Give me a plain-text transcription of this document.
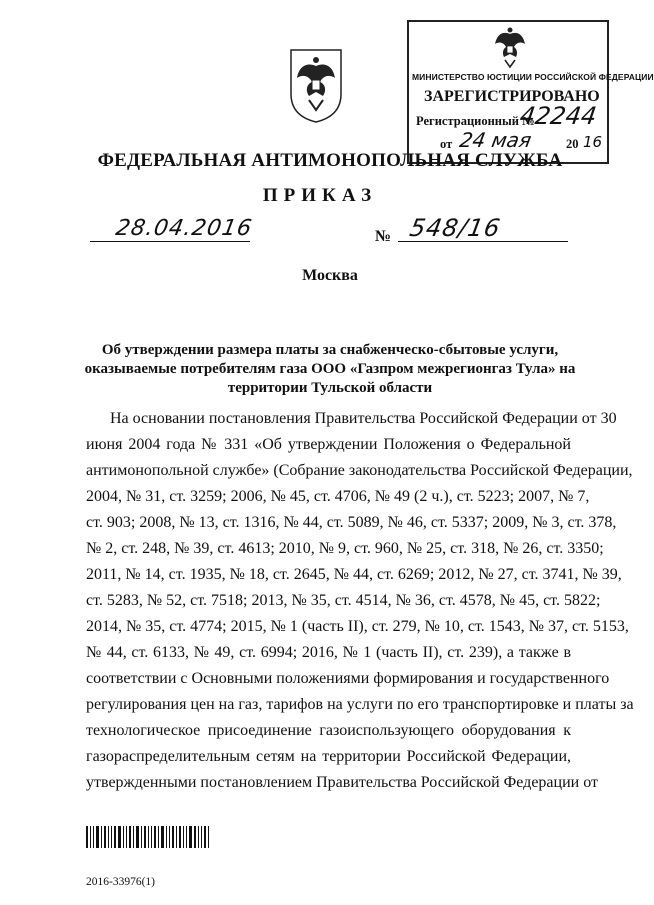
МИНИСТЕРСТВО ЮСТИЦИИ РОССИЙСКОЙ ФЕДЕРАЦИИ
ЗАРЕГИСТРИРОВАНО
Регистрационный №
42244
от 24 мая	20 16
ФЕДЕРАЛЬНАЯ АНТИМОНОПОЛЬНАЯ СЛУЖБА
ПРИКАЗ
28.04.2016	№ 548/16
Москва
Об утверждении размера платы за снабженческо-сбытовые услуги,
оказываемые потребителям газа ООО «Газпром межрегионгаз Тула» на
территории Тульской области
На основании постановления Правительства Российской Федерации от 30
июня 2004 года № 331 «Об утверждении Положения о Федеральной
антимонопольной службе» (Собрание законодательства Российской Федерации,
2004, № 31, ст. 3259; 2006, № 45, ст. 4706, № 49 (2 ч.), ст. 5223; 2007, № 7,
ст. 903; 2008, № 13, ст. 1316, № 44, ст. 5089, № 46, ст. 5337; 2009, № 3, ст. 378,
№ 2, ст. 248, № 39, ст. 4613; 2010, № 9, ст. 960, № 25, ст. 318, № 26, ст. 3350;
2011, № 14, ст. 1935, № 18, ст. 2645, № 44, ст. 6269; 2012, № 27, ст. 3741, № 39,
ст. 5283, № 52, ст. 7518; 2013, № 35, ст. 4514, № 36, ст. 4578, № 45, ст. 5822;
2014, № 35, ст. 4774; 2015, № 1 (часть II), ст. 279, № 10, ст. 1543, № 37, ст. 5153,
№ 44, ст. 6133, № 49, ст. 6994; 2016, № 1 (часть II), ст. 239), а также в
соответствии с Основными положениями формирования и государственного
регулирования цен на газ, тарифов на услуги по его транспортировке и платы за
технологическое присоединение газоиспользующего оборудования к
газораспределительным сетям на территории Российской Федерации,
утвержденными постановлением Правительства Российской Федерации от
2016-33976(1)
